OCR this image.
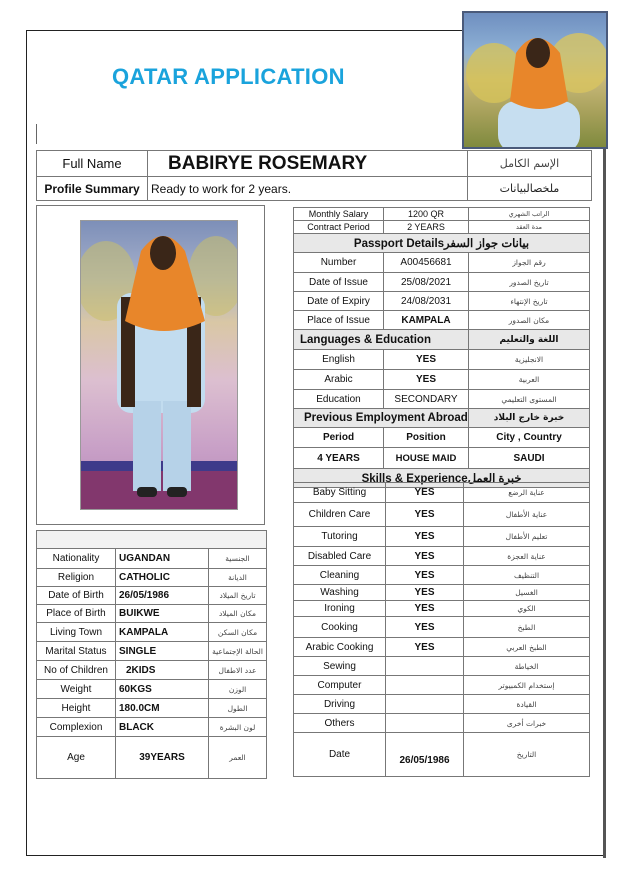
QATAR APPLICATION
Full Name	BABIRYE ROSEMARY	الإسم الكامل
Profile Summary	Ready to work for 2 years.	ملخصالبيانات

Nationality	UGANDAN	الجنسية
Religion	CATHOLIC	الديانة
Date of Birth	26/05/1986	تاريخ الميلاد
Place of Birth	BUIKWE	مكان الميلاد
Living Town	KAMPALA	مكان السكن
Marital Status	SINGLE	الحالة الإجتماعية
No of Children	2KIDS	عدد الاطفال
Weight	60KGS	الوزن
Height	180.0CM	الطول
Complexion	BLACK	لون البشرة
Age	39YEARS	العمر
Monthly Salary	1200 QR	الراتب الشهري
Contract Period	2 YEARS	مدة العقد
Passport Detailsبيانات جواز السفر		
Number	A00456681	رقم الجواز
Date of Issue	25/08/2021	تاريخ الصدور
Date of Expiry	24/08/2031	تاريخ الإنتهاء
Place of Issue	KAMPALA	مكان الصدور
Languages & Education		اللغة والتعليم
English	YES	الانجليزية
Arabic	YES	العربية
Education	SECONDARY	المستوى التعليمي
Previous Employment Abroad		خبرة خارج البلاد
Period	Position	City , Country
4 YEARS	HOUSE MAID	SAUDI
Skills & Experienceخبرة العمل		
Baby Sitting	YES	عناية الرضع
Children Care	YES	عناية الأطفال
Tutoring	YES	تعليم الأطفال
Disabled Care	YES	عناية العجزة
Cleaning	YES	التنظيف
Washing	YES	الغسيل
Ironing	YES	الكوي
Cooking	YES	الطبخ
Arabic Cooking	YES	الطبخ العربي
Sewing		الخياطة
Computer		إستخدام الكمبيوتر
Driving		القيادة
Others		خبرات أخرى
Date	26/05/1986	التاريخ
